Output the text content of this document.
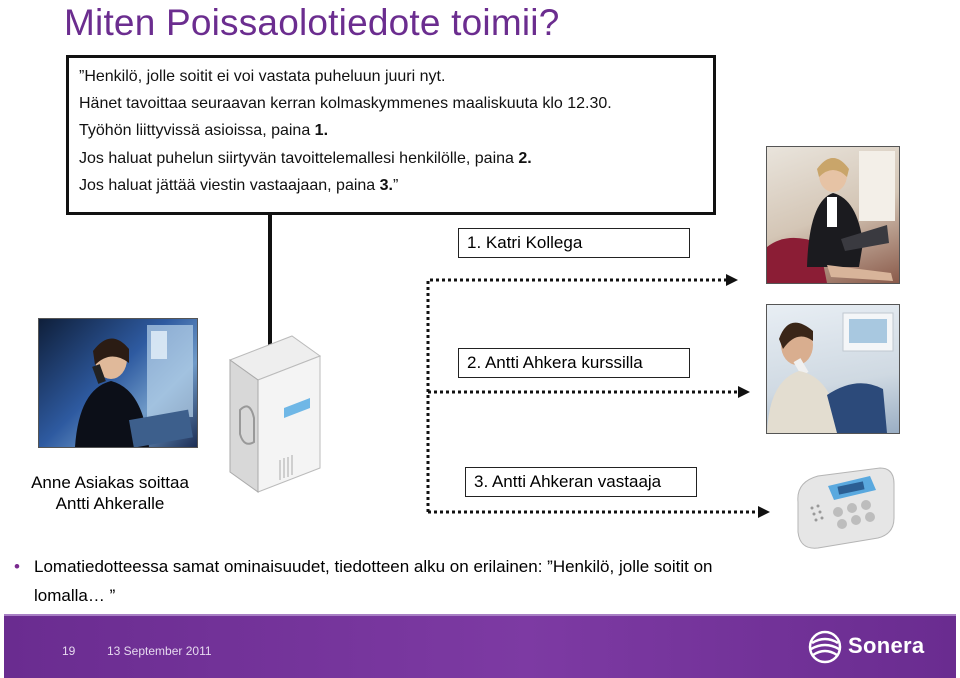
Miten Poissaolotiedote toimii?
”Henkilö, jolle soitit ei voi vastata puheluun juuri nyt.
Hänet tavoittaa seuraavan kerran kolmaskymmenes maaliskuuta klo 12.30.
Työhön liittyvissä asioissa, paina 1.
Jos haluat puhelun siirtyvän tavoittelemallesi henkilölle, paina 2.
Jos haluat jättää viestin vastaajaan, paina 3.”
1. Katri Kollega
2. Antti Ahkera kurssilla
3. Antti Ahkeran vastaaja
Anne Asiakas soittaa
Antti Ahkeralle
• Lomatiedotteessa samat ominaisuudet, tiedotteen alku on erilainen: ”Henkilö, jolle soitit on lomalla… ”
19	13 September 2011	Sonera
